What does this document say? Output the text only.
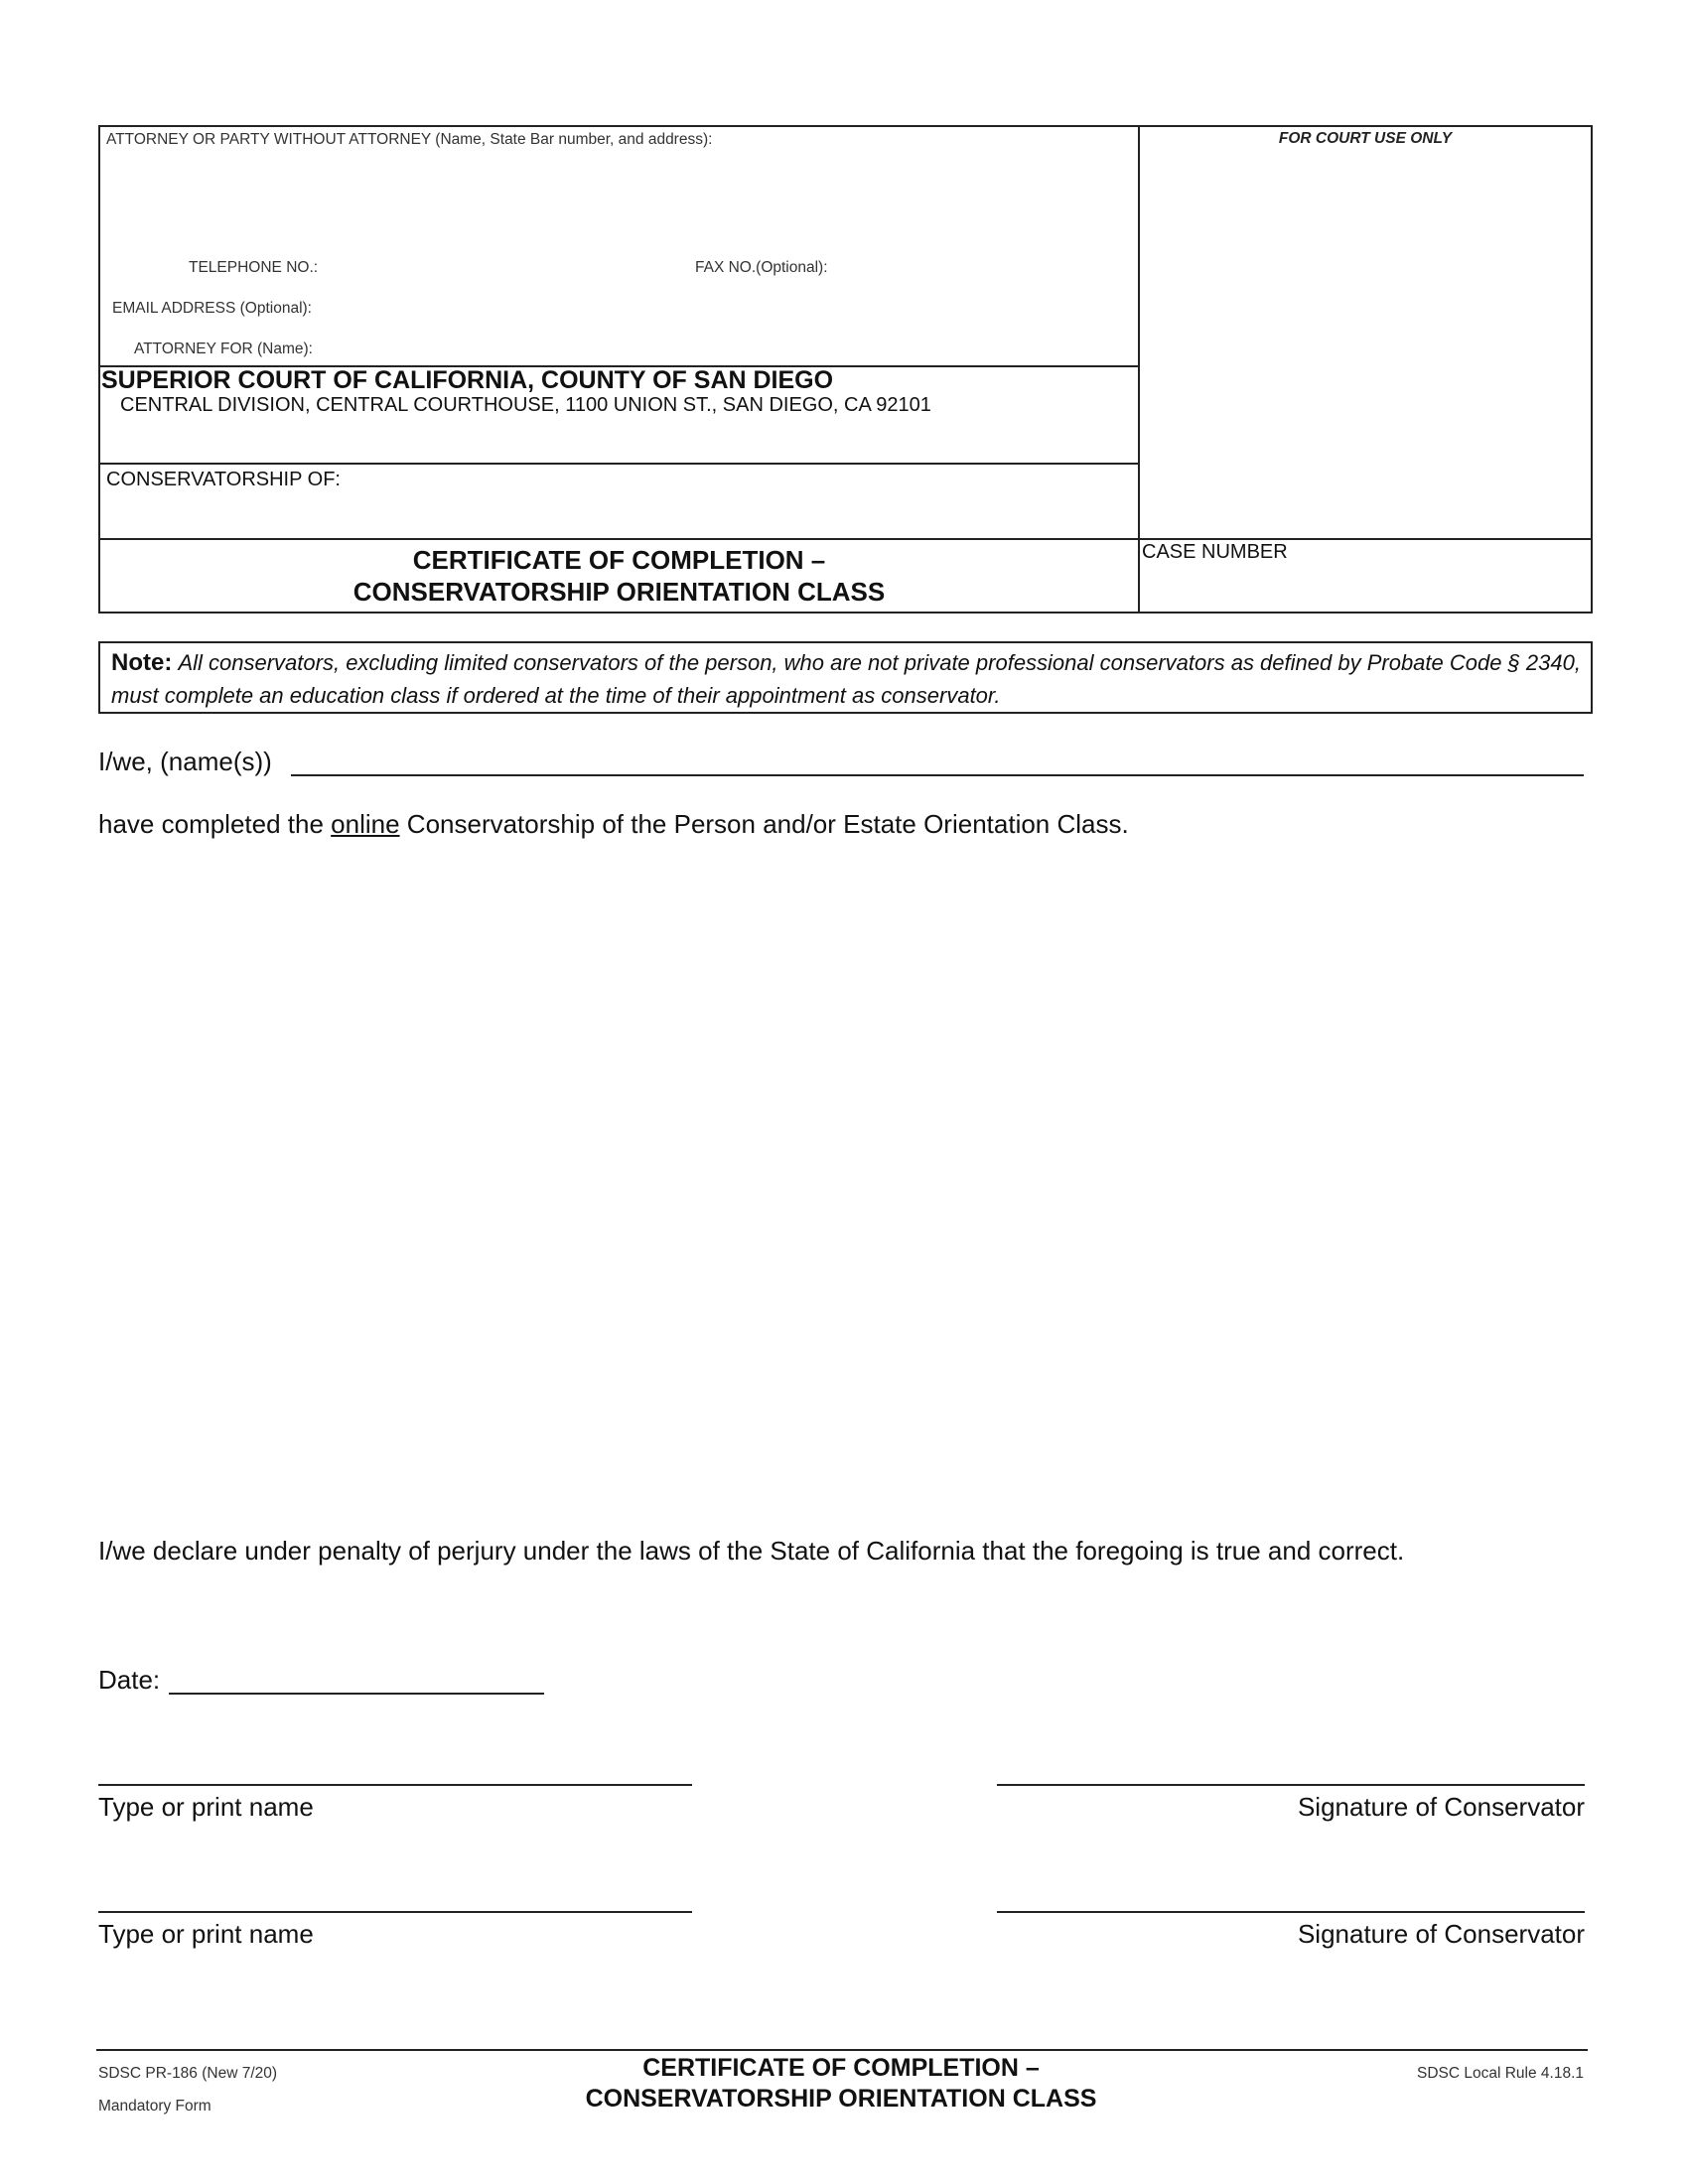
ATTORNEY OR PARTY WITHOUT ATTORNEY (Name, State Bar number, and address):
TELEPHONE NO.:	FAX NO.(Optional):
EMAIL ADDRESS (Optional):
ATTORNEY FOR (Name):
FOR COURT USE ONLY
SUPERIOR COURT OF CALIFORNIA, COUNTY OF SAN DIEGO
CENTRAL DIVISION, CENTRAL COURTHOUSE, 1100 UNION ST., SAN DIEGO, CA 92101
CONSERVATORSHIP OF:
CERTIFICATE OF COMPLETION –
CONSERVATORSHIP ORIENTATION CLASS
CASE NUMBER
Note: All conservators, excluding limited conservators of the person, who are not private professional conservators as defined by Probate Code § 2340, must complete an education class if ordered at the time of their appointment as conservator.
I/we, (name(s))
have completed the online Conservatorship of the Person and/or Estate Orientation Class.
I/we declare under penalty of perjury under the laws of the State of California that the foregoing is true and correct.
Date:
Type or print name	Signature of Conservator
Type or print name	Signature of Conservator
SDSC PR-186 (New 7/20)
Mandatory Form
CERTIFICATE OF COMPLETION –
CONSERVATORSHIP ORIENTATION CLASS
SDSC Local Rule 4.18.1
